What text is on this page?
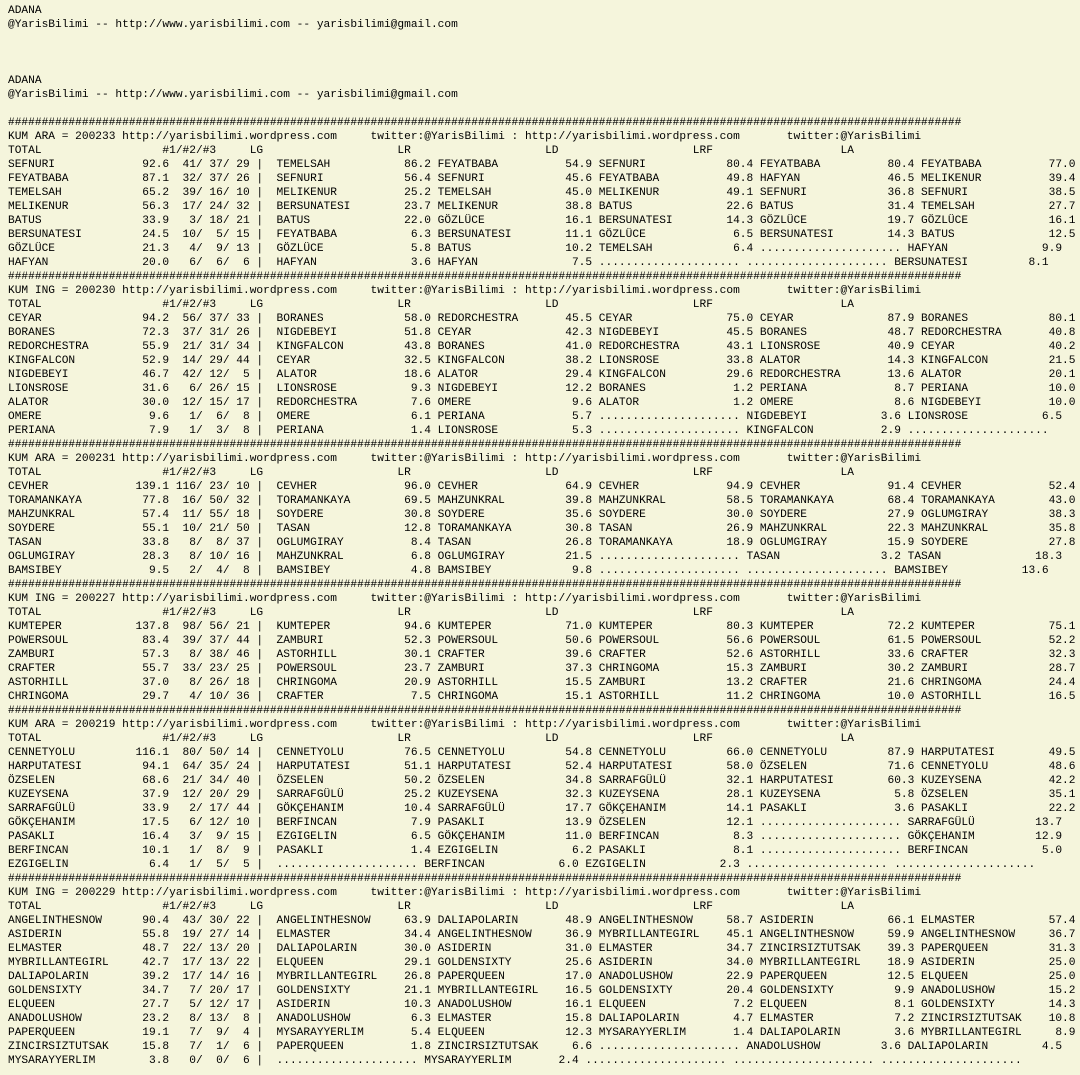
ADANA
@YarisBilimi -- http://www.yarisbilimi.com -- yarisbilimi@gmail.com
ADANA
@YarisBilimi -- http://www.yarisbilimi.com -- yarisbilimi@gmail.com
##############################################################################################################################################
KUM ARA = 200233 http://yarisbilimi.wordpress.com     twitter:@YarisBilimi : http://yarisbilimi.wordpress.com       twitter:@YarisBilimi
TOTAL                  #1/#2/#3     LG                    LR                    LD                    LRF                   LA
SEFNURI             92.6  41/ 37/ 29 |  TEMELSAH           86.2 FEYATBABA          54.9 SEFNURI            80.4 FEYATBABA          80.4 FEYATBABA          77.0
FEYATBABA           87.1  32/ 37/ 26 |  SEFNURI            56.4 SEFNURI            45.6 FEYATBABA          49.8 HAFYAN             46.5 MELIKENUR          39.4
TEMELSAH            65.2  39/ 16/ 10 |  MELIKENUR          25.2 TEMELSAH           45.0 MELIKENUR          49.1 SEFNURI            36.8 SEFNURI            38.5
MELIKENUR           56.3  17/ 24/ 32 |  BERSUNATESI        23.7 MELIKENUR          38.8 BATUS              22.6 BATUS              31.4 TEMELSAH           27.7
BATUS               33.9   3/ 18/ 21 |  BATUS              22.0 GÖZLÜCE            16.1 BERSUNATESI        14.3 GÖZLÜCE            19.7 GÖZLÜCE            16.1
BERSUNATESI         24.5  10/  5/ 15 |  FEYATBABA           6.3 BERSUNATESI        11.1 GÖZLÜCE             6.5 BERSUNATESI        14.3 BATUS              12.5
GÖZLÜCE             21.3   4/  9/ 13 |  GÖZLÜCE             5.8 BATUS              10.2 TEMELSAH            6.4 ..................... HAFYAN              9.9
HAFYAN              20.0   6/  6/  6 |  HAFYAN              3.6 HAFYAN              7.5 ..................... ..................... BERSUNATESI         8.1
##############################################################################################################################################
KUM ING = 200230 http://yarisbilimi.wordpress.com     twitter:@YarisBilimi : http://yarisbilimi.wordpress.com       twitter:@YarisBilimi
TOTAL                  #1/#2/#3     LG                    LR                    LD                    LRF                   LA
CEYAR               94.2  56/ 37/ 33 |  BORANES            58.0 REDORCHESTRA       45.5 CEYAR              75.0 CEYAR              87.9 BORANES            80.1
BORANES             72.3  37/ 31/ 26 |  NIGDEBEYI          51.8 CEYAR              42.3 NIGDEBEYI          45.5 BORANES            48.7 REDORCHESTRA       40.8
REDORCHESTRA        55.9  21/ 31/ 34 |  KINGFALCON         43.8 BORANES            41.0 REDORCHESTRA       43.1 LIONSROSE          40.9 CEYAR              40.2
KINGFALCON          52.9  14/ 29/ 44 |  CEYAR              32.5 KINGFALCON         38.2 LIONSROSE          33.8 ALATOR             14.3 KINGFALCON         21.5
NIGDEBEYI           46.7  42/ 12/  5 |  ALATOR             18.6 ALATOR             29.4 KINGFALCON         29.6 REDORCHESTRA       13.6 ALATOR             20.1
LIONSROSE           31.6   6/ 26/ 15 |  LIONSROSE           9.3 NIGDEBEYI          12.2 BORANES             1.2 PERIANA             8.7 PERIANA            10.0
ALATOR              30.0  12/ 15/ 17 |  REDORCHESTRA        7.6 OMERE               9.6 ALATOR              1.2 OMERE               8.6 NIGDEBEYI          10.0
OMERE                9.6   1/  6/  8 |  OMERE               6.1 PERIANA             5.7 ..................... NIGDEBEYI           3.6 LIONSROSE           6.5
PERIANA              7.9   1/  3/  8 |  PERIANA             1.4 LIONSROSE           5.3 ..................... KINGFALCON          2.9 .....................
##############################################################################################################################################
KUM ARA = 200231 http://yarisbilimi.wordpress.com     twitter:@YarisBilimi : http://yarisbilimi.wordpress.com       twitter:@YarisBilimi
TOTAL                  #1/#2/#3     LG                    LR                    LD                    LRF                   LA
CEVHER             139.1 116/ 23/ 10 |  CEVHER             96.0 CEVHER             64.9 CEVHER             94.9 CEVHER             91.4 CEVHER             52.4
TORAMANKAYA         77.8  16/ 50/ 32 |  TORAMANKAYA        69.5 MAHZUNKRAL         39.8 MAHZUNKRAL         58.5 TORAMANKAYA        68.4 TORAMANKAYA        43.0
MAHZUNKRAL          57.4  11/ 55/ 18 |  SOYDERE            30.8 SOYDERE            35.6 SOYDERE            30.0 SOYDERE            27.9 OGLUMGIRAY         38.3
SOYDERE             55.1  10/ 21/ 50 |  TASAN              12.8 TORAMANKAYA        30.8 TASAN              26.9 MAHZUNKRAL         22.3 MAHZUNKRAL         35.8
TASAN               33.8   8/  8/ 37 |  OGLUMGIRAY          8.4 TASAN              26.8 TORAMANKAYA        18.9 OGLUMGIRAY         15.9 SOYDERE            27.8
OGLUMGIRAY          28.3   8/ 10/ 16 |  MAHZUNKRAL          6.8 OGLUMGIRAY         21.5 ..................... TASAN               3.2 TASAN              18.3
BAMSIBEY             9.5   2/  4/  8 |  BAMSIBEY            4.8 BAMSIBEY            9.8 ..................... ..................... BAMSIBEY           13.6
##############################################################################################################################################
KUM ING = 200227 http://yarisbilimi.wordpress.com     twitter:@YarisBilimi : http://yarisbilimi.wordpress.com       twitter:@YarisBilimi
TOTAL                  #1/#2/#3     LG                    LR                    LD                    LRF                   LA
KUMTEPER           137.8  98/ 56/ 21 |  KUMTEPER           94.6 KUMTEPER           71.0 KUMTEPER           80.3 KUMTEPER           72.2 KUMTEPER           75.1
POWERSOUL           83.4  39/ 37/ 44 |  ZAMBURI            52.3 POWERSOUL          50.6 POWERSOUL          56.6 POWERSOUL          61.5 POWERSOUL          52.2
ZAMBURI             57.3   8/ 38/ 46 |  ASTORHILL          30.1 CRAFTER            39.6 CRAFTER            52.6 ASTORHILL          33.6 CRAFTER            32.3
CRAFTER             55.7  33/ 23/ 25 |  POWERSOUL          23.7 ZAMBURI            37.3 CHRINGOMA          15.3 ZAMBURI            30.2 ZAMBURI            28.7
ASTORHILL           37.0   8/ 26/ 18 |  CHRINGOMA          20.9 ASTORHILL          15.5 ZAMBURI            13.2 CRAFTER            21.6 CHRINGOMA          24.4
CHRINGOMA           29.7   4/ 10/ 36 |  CRAFTER             7.5 CHRINGOMA          15.1 ASTORHILL          11.2 CHRINGOMA          10.0 ASTORHILL          16.5
##############################################################################################################################################
KUM ARA = 200219 http://yarisbilimi.wordpress.com     twitter:@YarisBilimi : http://yarisbilimi.wordpress.com       twitter:@YarisBilimi
TOTAL                  #1/#2/#3     LG                    LR                    LD                    LRF                   LA
CENNETYOLU         116.1  80/ 50/ 14 |  CENNETYOLU         76.5 CENNETYOLU         54.8 CENNETYOLU         66.0 CENNETYOLU         87.9 HARPUTATESI        49.5
HARPUTATESI         94.1  64/ 35/ 24 |  HARPUTATESI        51.1 HARPUTATESI        52.4 HARPUTATESI        58.0 ÖZSELEN            71.6 CENNETYOLU         48.6
ÖZSELEN             68.6  21/ 34/ 40 |  ÖZSELEN            50.2 ÖZSELEN            34.8 SARRAFGÜLÜ         32.1 HARPUTATESI        60.3 KUZEYSENA          42.2
KUZEYSENA           37.9  12/ 20/ 29 |  SARRAFGÜLÜ         25.2 KUZEYSENA          32.3 KUZEYSENA          28.1 KUZEYSENA           5.8 ÖZSELEN            35.1
SARRAFGÜLÜ          33.9   2/ 17/ 44 |  GÖKÇEHANIM         10.4 SARRAFGÜLÜ         17.7 GÖKÇEHANIM         14.1 PASAKLI             3.6 PASAKLI            22.2
GÖKÇEHANIM          17.5   6/ 12/ 10 |  BERFINCAN           7.9 PASAKLI            13.9 ÖZSELEN            12.1 ..................... SARRAFGÜLÜ         13.7
PASAKLI             16.4   3/  9/ 15 |  EZGIGELIN           6.5 GÖKÇEHANIM         11.0 BERFINCAN           8.3 ..................... GÖKÇEHANIM         12.9
BERFINCAN           10.1   1/  8/  9 |  PASAKLI             1.4 EZGIGELIN           6.2 PASAKLI             8.1 ..................... BERFINCAN           5.0
EZGIGELIN            6.4   1/  5/  5 |  ..................... BERFINCAN           6.0 EZGIGELIN           2.3 ..................... .....................
##############################################################################################################################################
KUM ING = 200229 http://yarisbilimi.wordpress.com     twitter:@YarisBilimi : http://yarisbilimi.wordpress.com       twitter:@YarisBilimi
TOTAL                  #1/#2/#3     LG                    LR                    LD                    LRF                   LA
ANGELINTHESNOW      90.4  43/ 30/ 22 |  ANGELINTHESNOW     63.9 DALIAPOLARIN       48.9 ANGELINTHESNOW     58.7 ASIDERIN           66.1 ELMASTER           57.4
ASIDERIN            55.8  19/ 27/ 14 |  ELMASTER           34.4 ANGELINTHESNOW     36.9 MYBRILLANTEGIRL    45.1 ANGELINTHESNOW     59.9 ANGELINTHESNOW     36.7
ELMASTER            48.7  22/ 13/ 20 |  DALIAPOLARIN       30.0 ASIDERIN           31.0 ELMASTER           34.7 ZINCIRSIZTUTSAK    39.3 PAPERQUEEN         31.3
MYBRILLANTEGIRL     42.7  17/ 13/ 22 |  ELQUEEN            29.1 GOLDENSIXTY        25.6 ASIDERIN           34.0 MYBRILLANTEGIRL    18.9 ASIDERIN           25.0
DALIAPOLARIN        39.2  17/ 14/ 16 |  MYBRILLANTEGIRL    26.8 PAPERQUEEN         17.0 ANADOLUSHOW        22.9 PAPERQUEEN         12.5 ELQUEEN            25.0
GOLDENSIXTY         34.7   7/ 20/ 17 |  GOLDENSIXTY        21.1 MYBRILLANTEGIRL    16.5 GOLDENSIXTY        20.4 GOLDENSIXTY         9.9 ANADOLUSHOW        15.2
ELQUEEN             27.7   5/ 12/ 17 |  ASIDERIN           10.3 ANADOLUSHOW        16.1 ELQUEEN             7.2 ELQUEEN             8.1 GOLDENSIXTY        14.3
ANADOLUSHOW         23.2   8/ 13/  8 |  ANADOLUSHOW         6.3 ELMASTER           15.8 DALIAPOLARIN        4.7 ELMASTER            7.2 ZINCIRSIZTUTSAK    10.8
PAPERQUEEN          19.1   7/  9/  4 |  MYSARAYYERLIM       5.4 ELQUEEN            12.3 MYSARAYYERLIM       1.4 DALIAPOLARIN        3.6 MYBRILLANTEGIRL     8.9
ZINCIRSIZTUTSAK     15.8   7/  1/  6 |  PAPERQUEEN          1.8 ZINCIRSIZTUTSAK     6.6 ..................... ANADOLUSHOW         3.6 DALIAPOLARIN        4.5
MYSARAYYERLIM        3.8   0/  0/  6 |  ..................... MYSARAYYERLIM       2.4 ..................... ..................... .....................
